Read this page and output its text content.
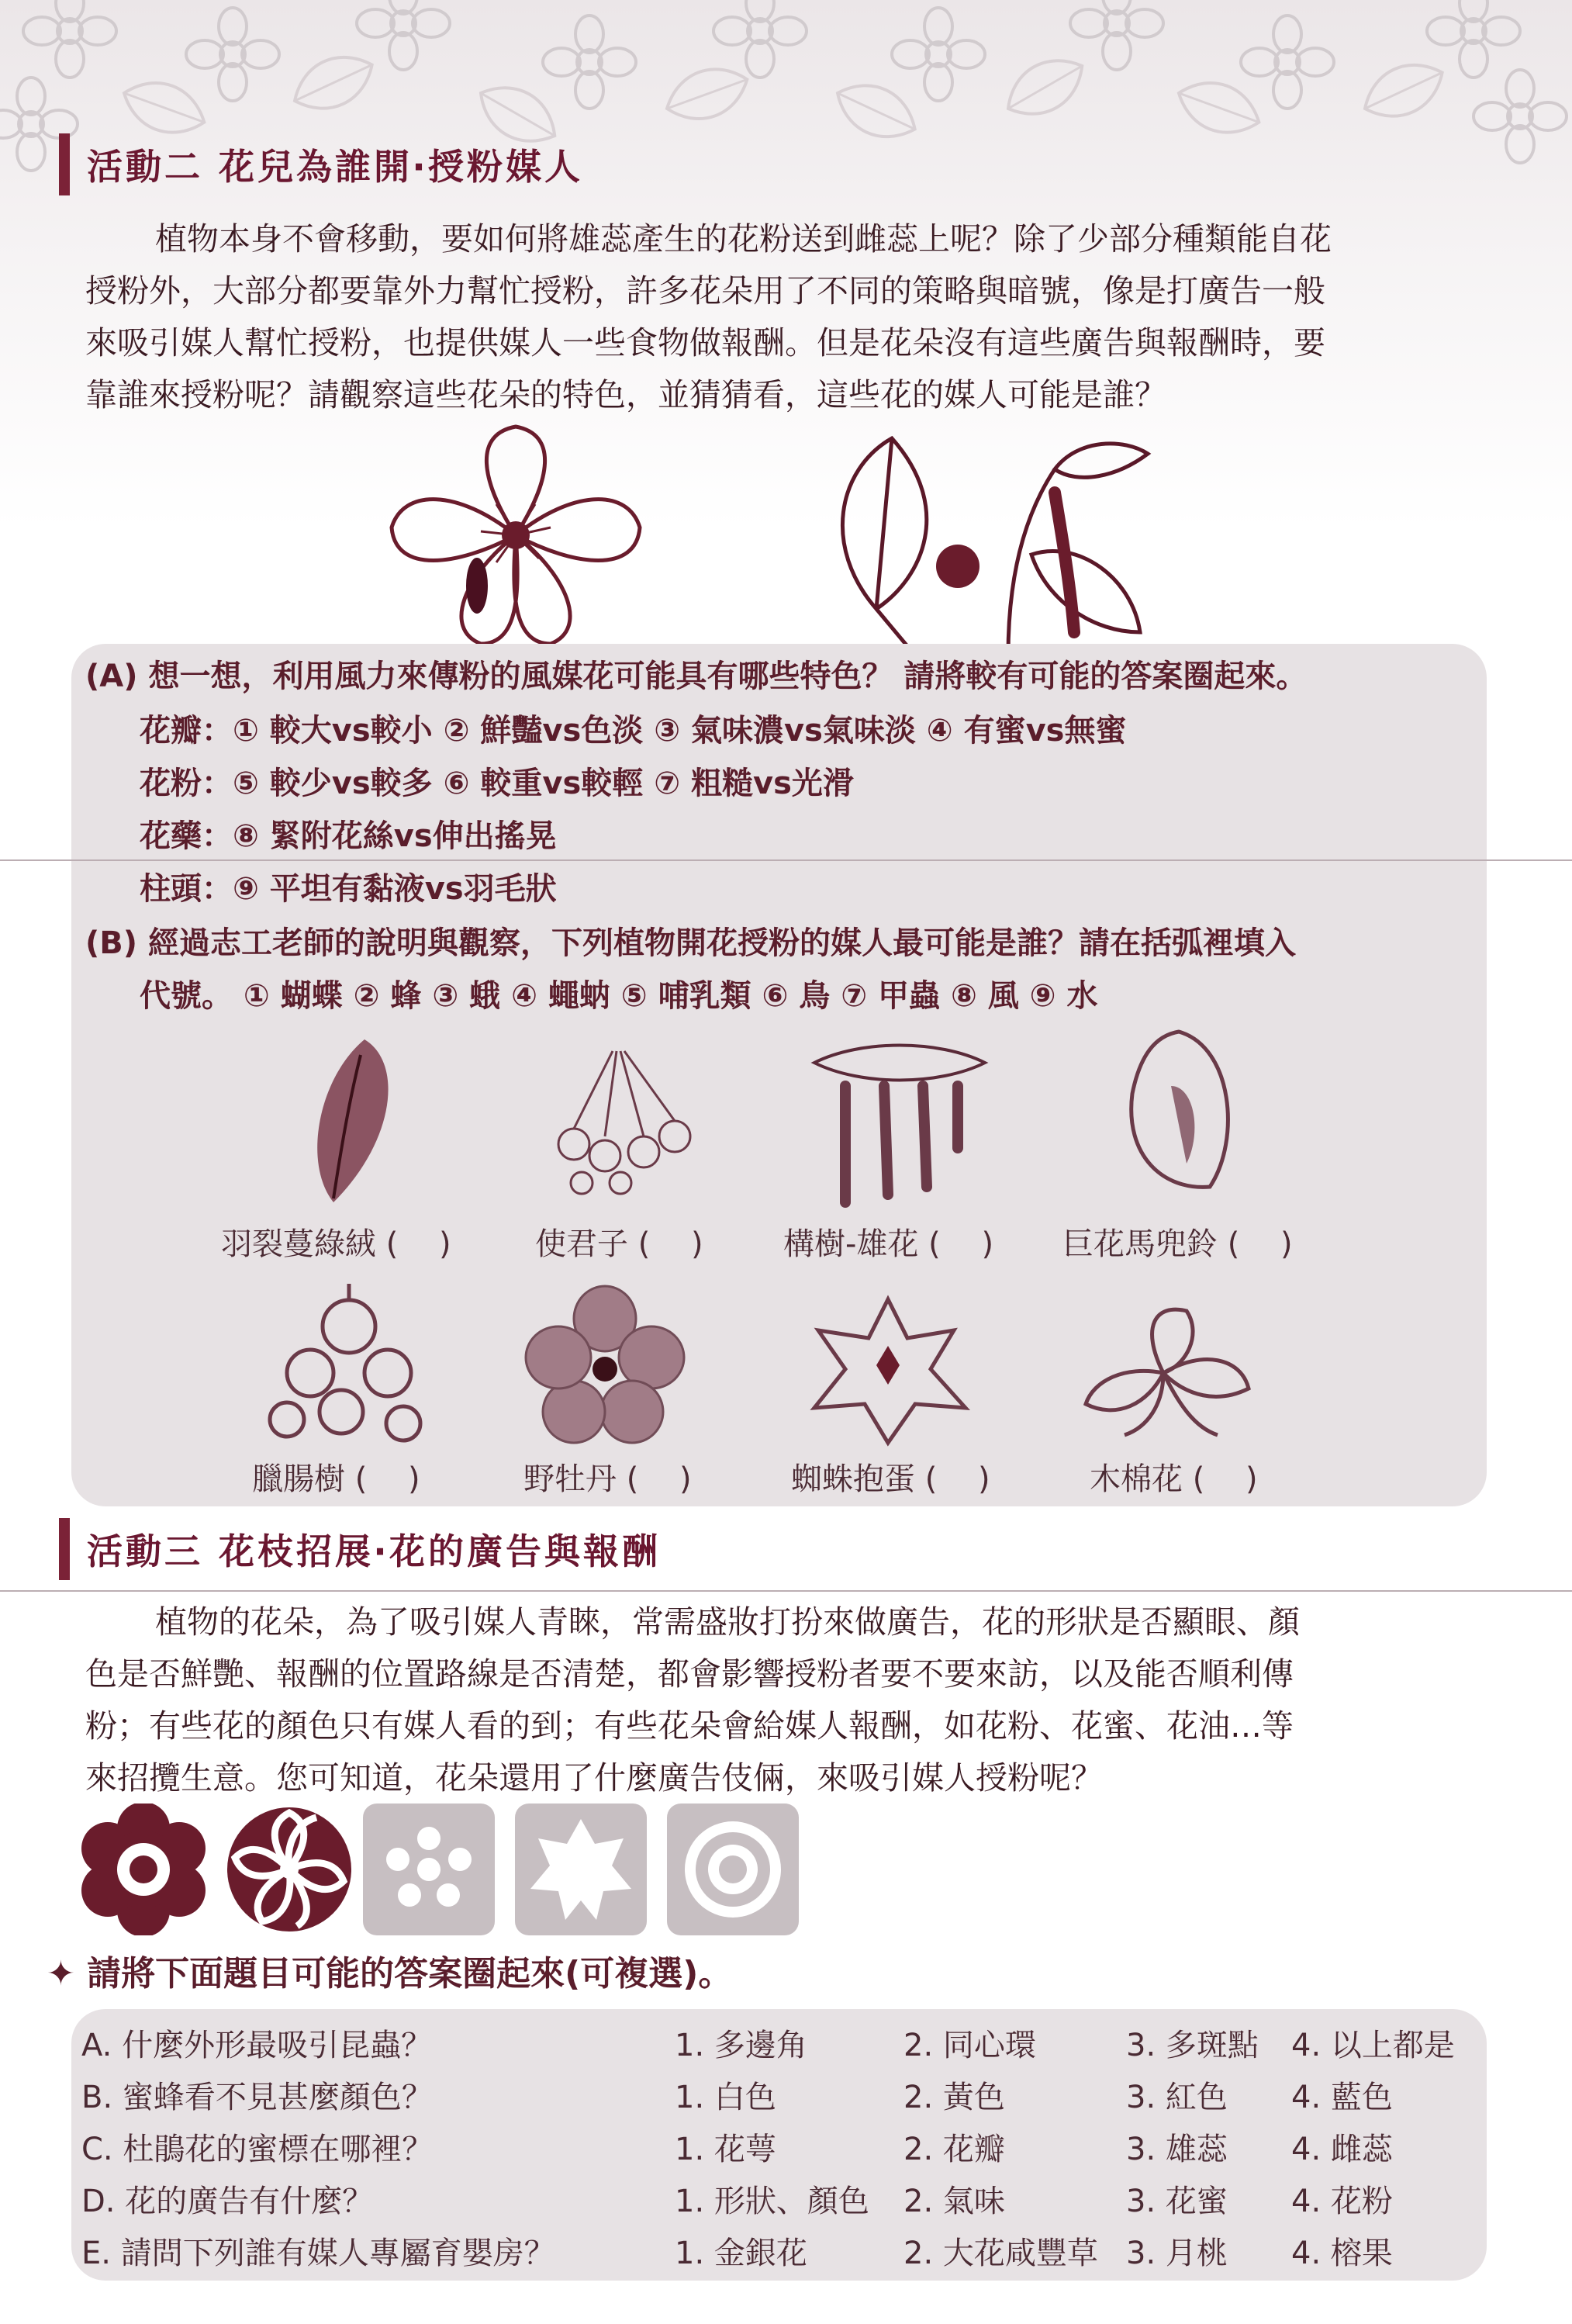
活動二 花兒為誰開‧授粉媒人
植物本身不會移動，要如何將雄蕊產生的花粉送到雌蕊上呢？除了少部分種類能自花
授粉外，大部分都要靠外力幫忙授粉，許多花朵用了不同的策略與暗號，像是打廣告一般
來吸引媒人幫忙授粉，也提供媒人一些食物做報酬。但是花朵沒有這些廣告與報酬時，要
靠誰來授粉呢？請觀察這些花朵的特色，並猜猜看，這些花的媒人可能是誰？
(A) 想一想，利用風力來傳粉的風媒花可能具有哪些特色？ 請將較有可能的答案圈起來。
花瓣：① 較大vs較小 ② 鮮豔vs色淡 ③ 氣味濃vs氣味淡 ④ 有蜜vs無蜜
花粉：⑤ 較少vs較多 ⑥ 較重vs較輕 ⑦ 粗糙vs光滑
花藥：⑧ 緊附花絲vs伸出搖晃
柱頭：⑨ 平坦有黏液vs羽毛狀
(B) 經過志工老師的說明與觀察，下列植物開花授粉的媒人最可能是誰？請在括弧裡填入
代號。 ① 蝴蝶 ② 蜂 ③ 蛾 ④ 蠅蚋 ⑤ 哺乳類 ⑥ 鳥 ⑦ 甲蟲 ⑧ 風 ⑨ 水
羽裂蔓綠絨 (　 )	使君子 (　 )	構樹-雄花 (　 ) 巨花馬兜鈴 (　 )
臘腸樹 (　 )	野牡丹 (　 )	蜘蛛抱蛋 (　 )	木棉花 (　 )
活動三 花枝招展‧花的廣告與報酬
植物的花朵，為了吸引媒人青睞，常需盛妝打扮來做廣告，花的形狀是否顯眼、顏
色是否鮮艷、報酬的位置路線是否清楚，都會影響授粉者要不要來訪，以及能否順利傳
粉；有些花的顏色只有媒人看的到；有些花朵會給媒人報酬，如花粉、花蜜、花油…等
來招攬生意。您可知道，花朵還用了什麼廣告伎倆，來吸引媒人授粉呢？
✦ 請將下面題目可能的答案圈起來(可複選)。
A. 什麼外形最吸引昆蟲？	1. 多邊角	2. 同心環	3. 多斑點 4. 以上都是
B. 蜜蜂看不見甚麼顏色？	1. 白色	2. 黃色	3. 紅色 4. 藍色
C. 杜鵑花的蜜標在哪裡？	1. 花萼	2. 花瓣	3. 雄蕊 4. 雌蕊
D. 花的廣告有什麼？	1. 形狀、顏色 2. 氣味	3. 花蜜 4. 花粉
E. 請問下列誰有媒人專屬育嬰房？	1. 金銀花	2. 大花咸豐草 3. 月桃 4. 榕果
